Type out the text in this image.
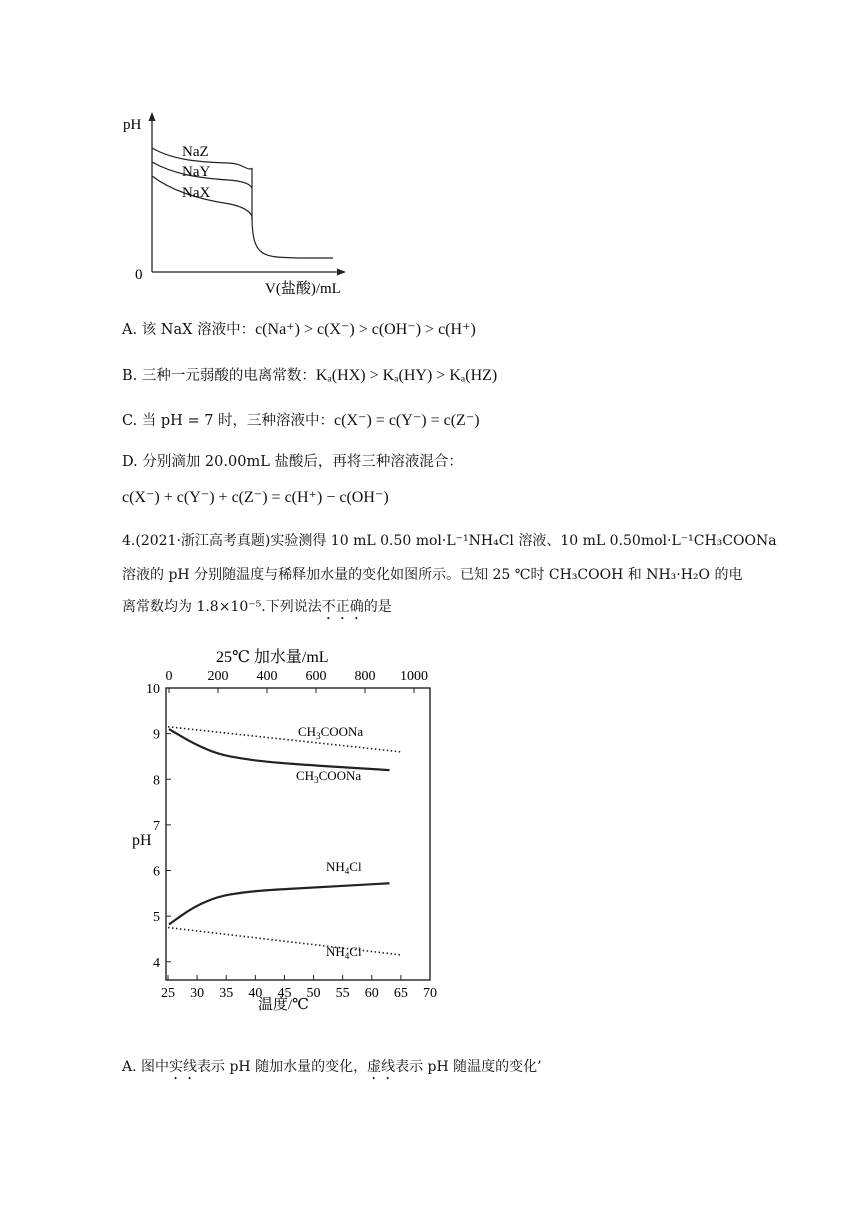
pH
0
V(盐酸)/mL
NaZ
NaY
NaX
A. 该 NaX 溶液中：c(Na⁺) > c(X⁻) > c(OH⁻) > c(H⁺)
B. 三种一元弱酸的电离常数：Kₐ(HX) > Kₐ(HY) > Kₐ(HZ)
C. 当 pH = 7 时，三种溶液中：c(X⁻) = c(Y⁻) = c(Z⁻)
D. 分别滴加 20.00mL 盐酸后，再将三种溶液混合：
c(X⁻) + c(Y⁻) + c(Z⁻) = c(H⁺) − c(OH⁻)
4.(2021·浙江高考真题)实验测得 10 mL 0.50 mol·L⁻¹NH₄Cl 溶液、10 mL 0.50mol·L⁻¹CH₃COONa
溶液的 pH 分别随温度与稀释加水量的变化如图所示。已知 25 ℃时 CH₃COOH 和 NH₃·H₂O 的电
离常数均为 1.8×10⁻⁵.下列说法不正确的是
25℃ 加水量/mL
pH
温度/℃
0	200 400 600 800 1000
25 30 35 40 45 50 55 60 65 70
4
5
6
7
8
9
10
$CH_3COONa$
$CH_3COONa$
$NH_4Cl$
$NH_4Cl$
A. 图中实线表示 pH 随加水量的变化，虚线表示 pH 随温度的变化’
